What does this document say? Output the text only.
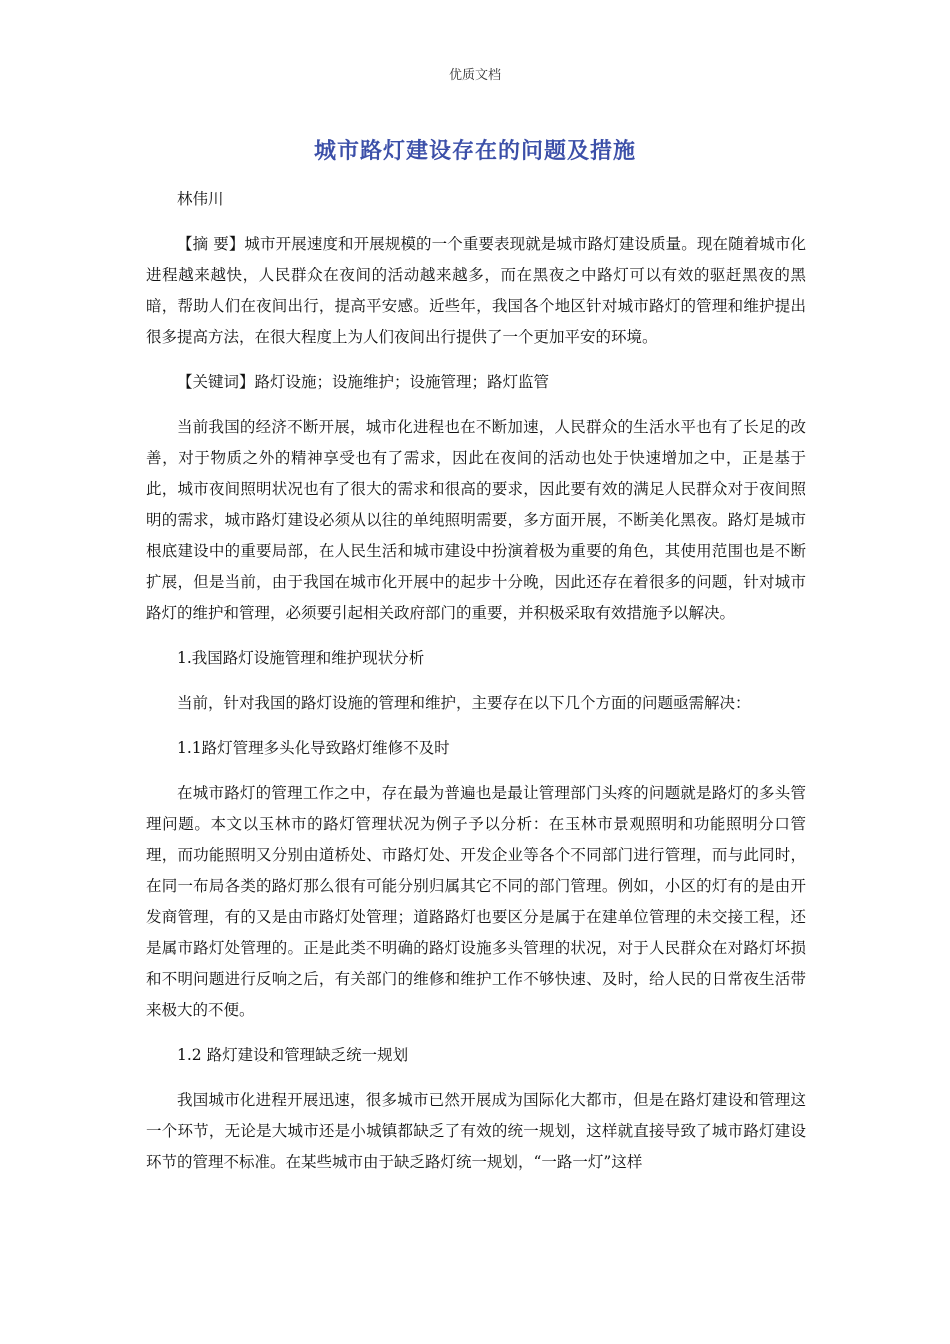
优质文档
城市路灯建设存在的问题及措施

林伟川

【摘 要】城市开展速度和开展规模的一个重要表现就是城市路灯建设质量。现在随着城市化进程越来越快，人民群众在夜间的活动越来越多，而在黑夜之中路灯可以有效的驱赶黑夜的黑暗，帮助人们在夜间出行，提高平安感。近些年，我国各个地区针对城市路灯的管理和维护提出很多提高方法，在很大程度上为人们夜间出行提供了一个更加平安的环境。

【关键词】路灯设施；设施维护；设施管理；路灯监管

当前我国的经济不断开展，城市化进程也在不断加速，人民群众的生活水平也有了长足的改善，对于物质之外的精神享受也有了需求，因此在夜间的活动也处于快速增加之中，正是基于此，城市夜间照明状况也有了很大的需求和很高的要求，因此要有效的满足人民群众对于夜间照明的需求，城市路灯建设必须从以往的单纯照明需要，多方面开展，不断美化黑夜。路灯是城市根底建设中的重要局部，在人民生活和城市建设中扮演着极为重要的角色，其使用范围也是不断扩展，但是当前，由于我国在城市化开展中的起步十分晚，因此还存在着很多的问题，针对城市路灯的维护和管理，必须要引起相关政府部门的重要，并积极采取有效措施予以解决。

1.我国路灯设施管理和维护现状分析

当前，针对我国的路灯设施的管理和维护，主要存在以下几个方面的问题亟需解决：

1.1路灯管理多头化导致路灯维修不及时

在城市路灯的管理工作之中，存在最为普遍也是最让管理部门头疼的问题就是路灯的多头管理问题。本文以玉林市的路灯管理状况为例子予以分析：在玉林市景观照明和功能照明分口管理，而功能照明又分别由道桥处、市路灯处、开发企业等各个不同部门进行管理，而与此同时，在同一布局各类的路灯那么很有可能分别归属其它不同的部门管理。例如，小区的灯有的是由开发商管理，有的又是由市路灯处管理；道路路灯也要区分是属于在建单位管理的未交接工程，还是属市路灯处管理的。正是此类不明确的路灯设施多头管理的状况，对于人民群众在对路灯坏损和不明问题进行反响之后，有关部门的维修和维护工作不够快速、及时，给人民的日常夜生活带来极大的不便。

1.2 路灯建设和管理缺乏统一规划

我国城市化进程开展迅速，很多城市已然开展成为国际化大都市，但是在路灯建设和管理这一个环节，无论是大城市还是小城镇都缺乏了有效的统一规划，这样就直接导致了城市路灯建设环节的管理不标准。在某些城市由于缺乏路灯统一规划，“一路一灯”这样
